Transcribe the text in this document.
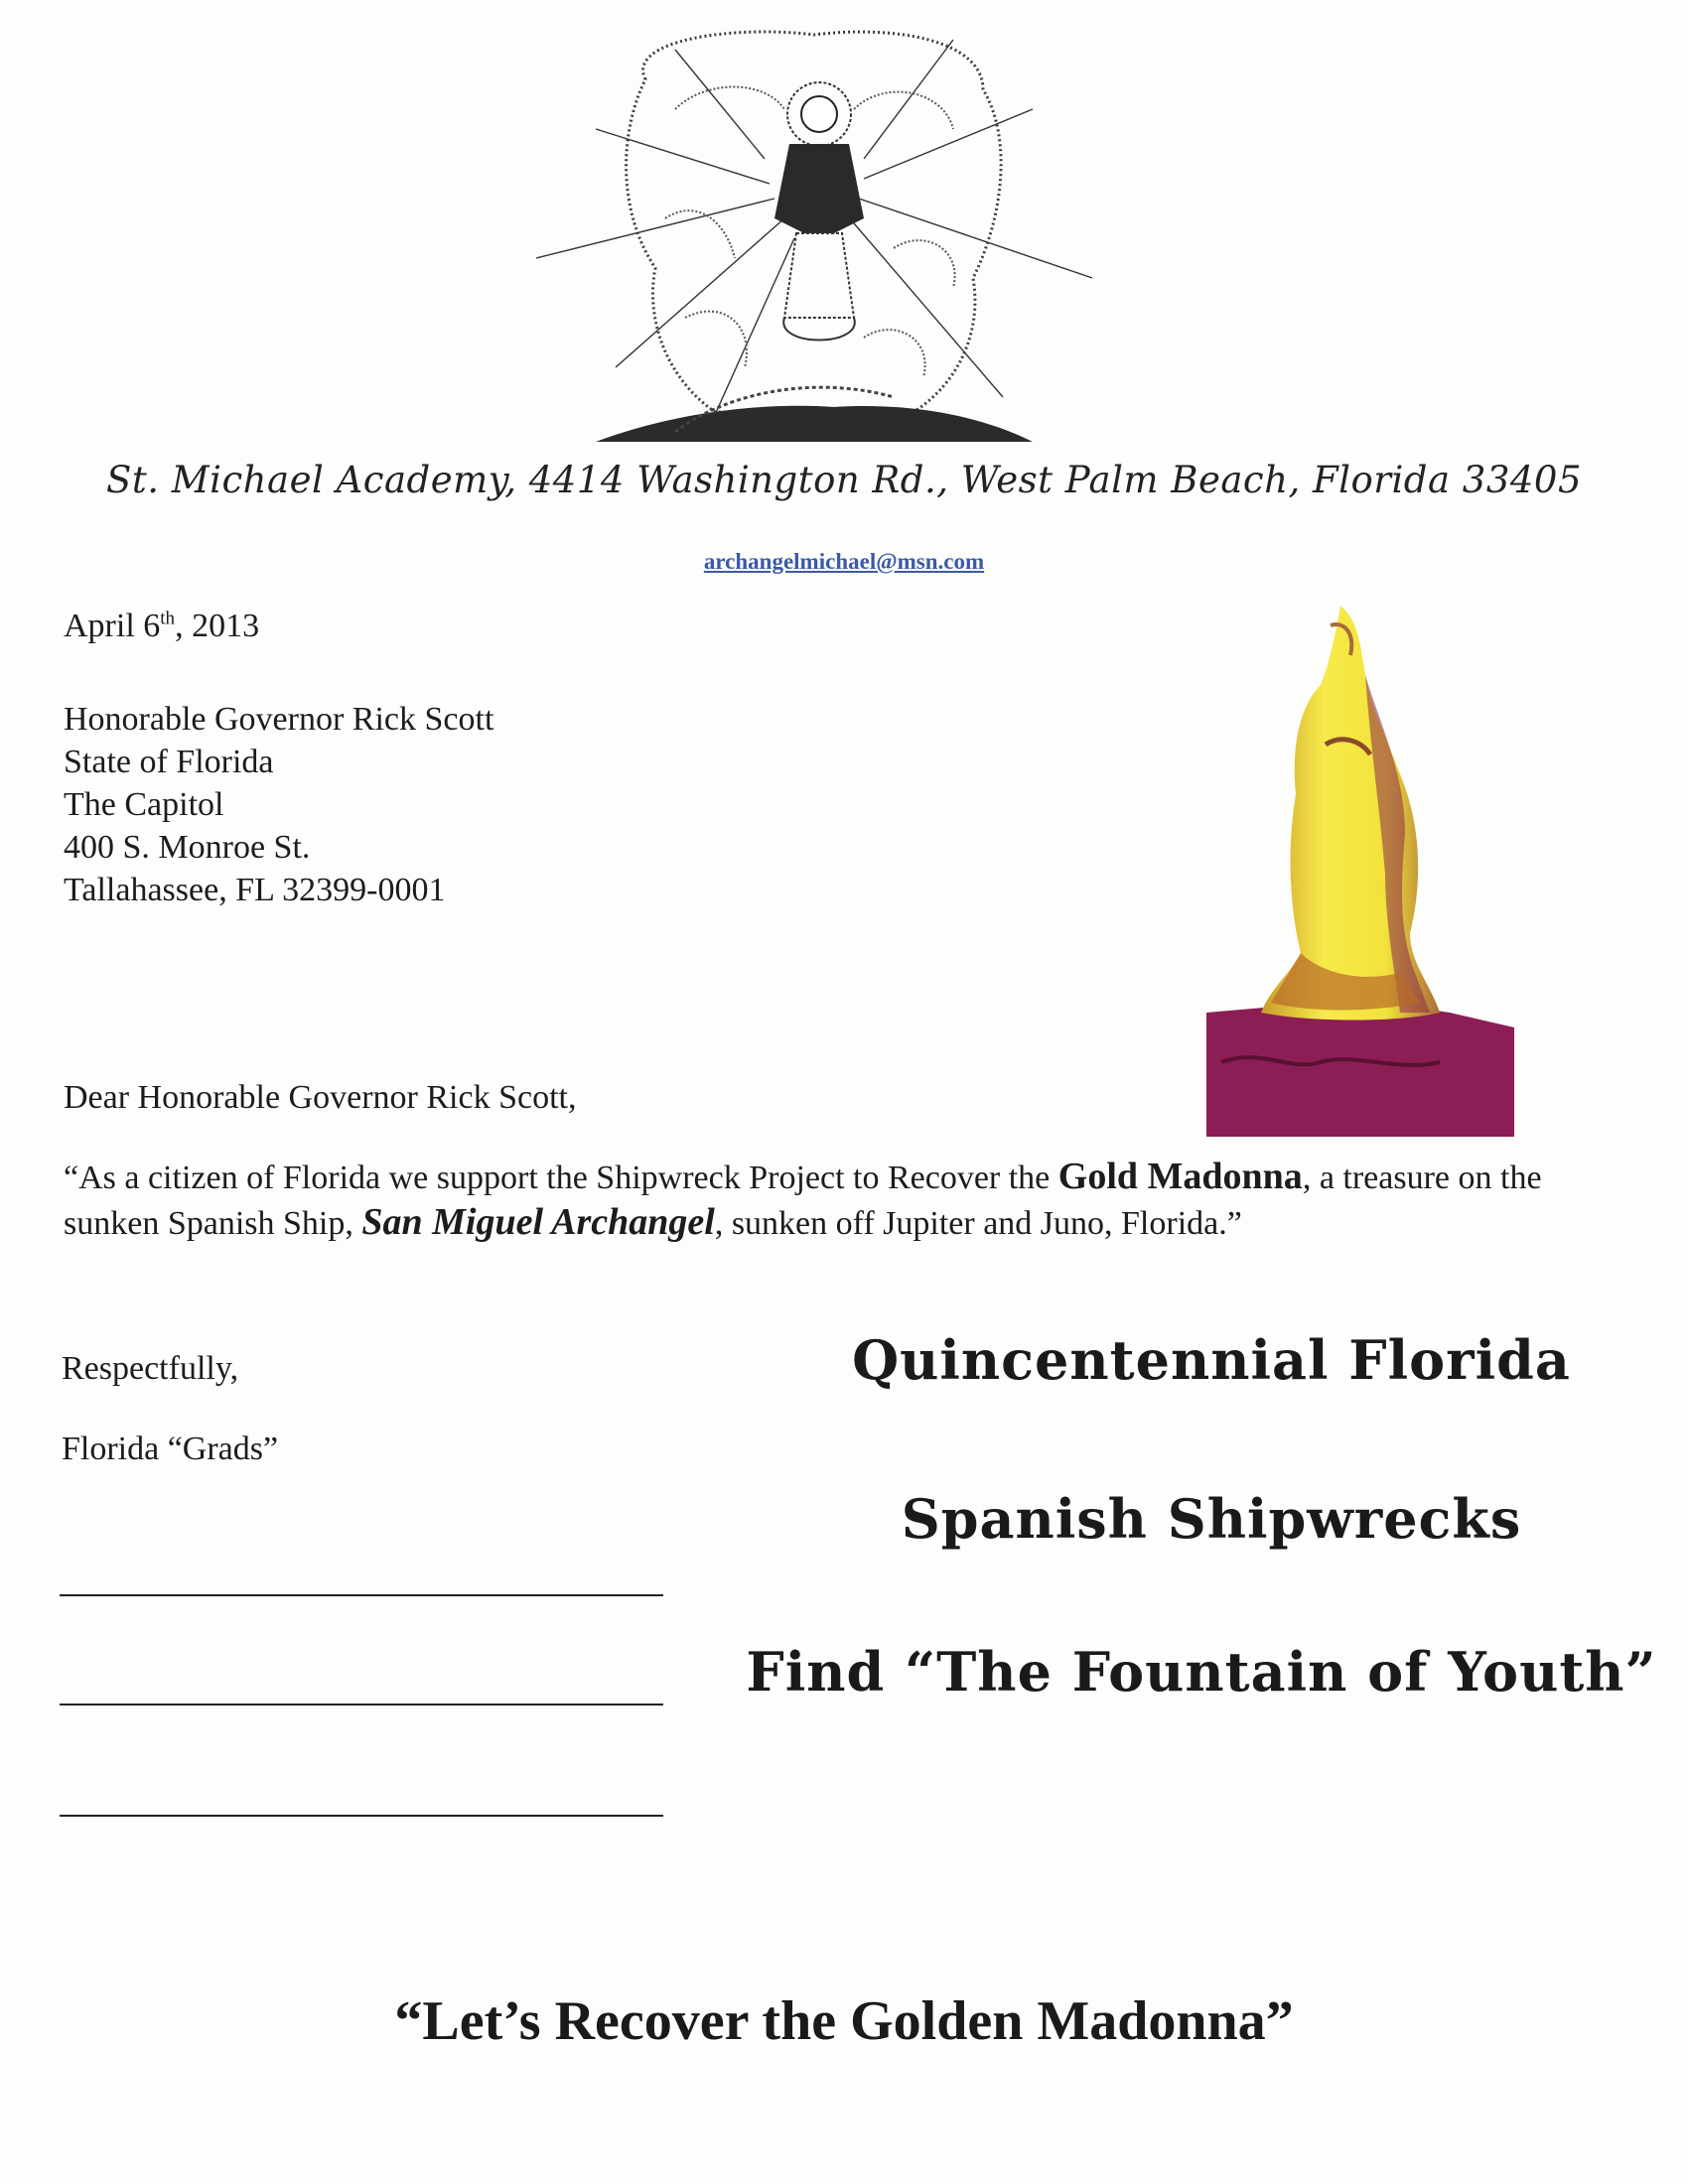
St. Michael Academy, 4414 Washington Rd., West Palm Beach, Florida 33405
archangelmichael@msn.com
April 6th, 2013
Honorable Governor Rick Scott
State of Florida
The Capitol
400 S. Monroe St.
Tallahassee, FL 32399-0001
Dear Honorable Governor Rick Scott,
“As a citizen of Florida we support the Shipwreck Project to Recover the Gold Madonna, a treasure on the sunken Spanish Ship, San Miguel Archangel, sunken off Jupiter and Juno, Florida.”
Respectfully,
Florida “Grads”
Quincentennial Florida
Spanish Shipwrecks
Find “The Fountain of Youth”
“Let’s Recover the Golden Madonna”
